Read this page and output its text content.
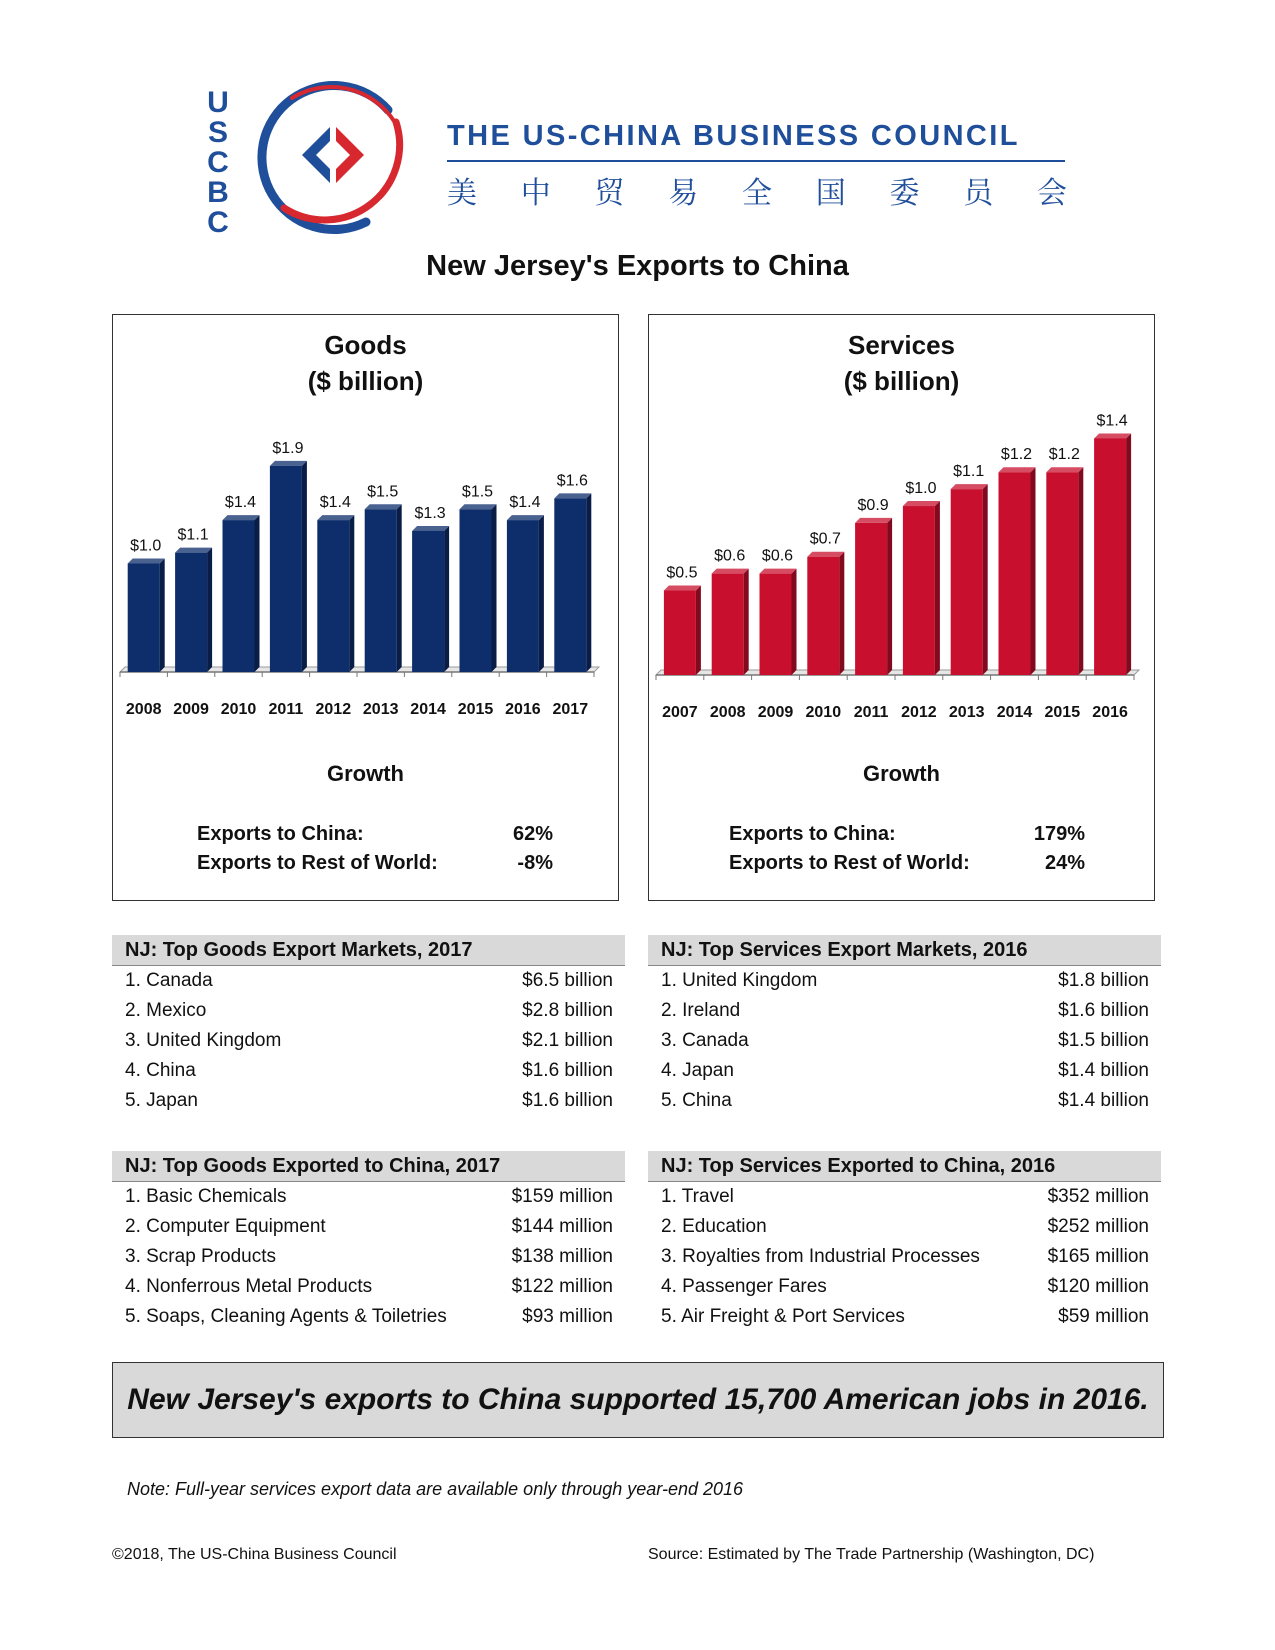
U
S
C
B
C
THE US-CHINA BUSINESS COUNCIL
美 中 贸 易 全 国 委 员 会
New Jersey's Exports to China
Goods
($ billion)
$1.0
2008
$1.1
2009
$1.4
2010
$1.9
2011
$1.4
2012
$1.5
2013
$1.3
2014
$1.5
2015
$1.4
2016
$1.6
2017
Growth
Exports to China:	62%
Exports to Rest of World:	-8%
Services
($ billion)
$0.5
2007
$0.6
2008
$0.6
2009
$0.7
2010
$0.9
2011
$1.0
2012
$1.1
2013
$1.2
2014
$1.2
2015
$1.4
2016
Growth
Exports to China:	179%
Exports to Rest of World:	24%
NJ: Top Goods Export Markets, 2017
1. Canada	$6.5 billion
2. Mexico	$2.8 billion
3. United Kingdom	$2.1 billion
4. China	$1.6 billion
5. Japan	$1.6 billion
NJ: Top Services Export Markets, 2016
1. United Kingdom	$1.8 billion
2. Ireland	$1.6 billion
3. Canada	$1.5 billion
4. Japan	$1.4 billion
5. China	$1.4 billion
NJ: Top Goods Exported to China, 2017
1. Basic Chemicals	$159 million
2. Computer Equipment	$144 million
3. Scrap Products	$138 million
4. Nonferrous Metal Products	$122 million
5. Soaps, Cleaning Agents & Toiletries	$93 million
NJ: Top Services Exported to China, 2016
1. Travel	$352 million
2. Education	$252 million
3. Royalties from Industrial Processes	$165 million
4. Passenger Fares	$120 million
5. Air Freight & Port Services	$59 million
New Jersey's exports to China supported 15,700 American jobs in 2016.
Note: Full-year services export data are available only through year-end 2016
©2018, The US-China Business Council	Source: Estimated by The Trade Partnership (Washington, DC)
